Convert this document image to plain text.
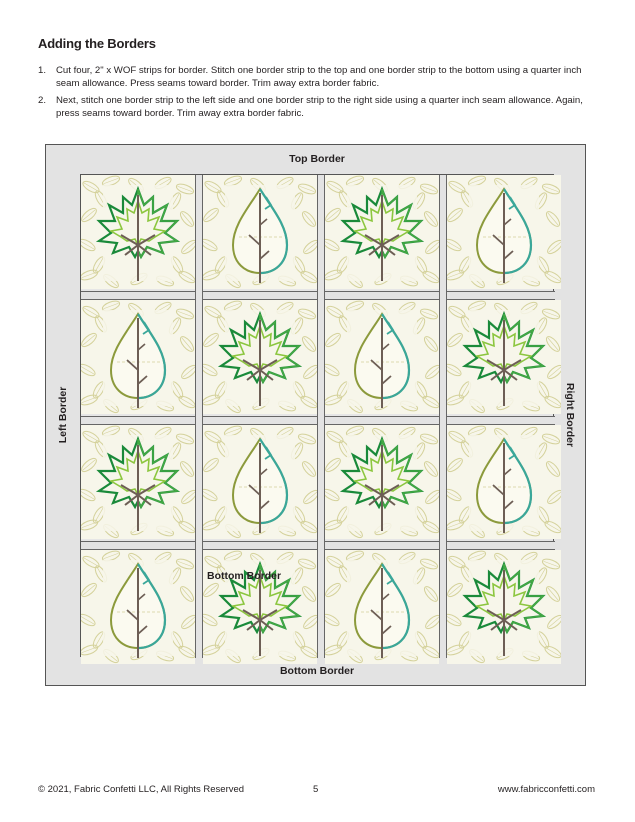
Adding the Borders
1. Cut four, 2" x WOF strips for border. Stitch one border strip to the top and one border strip to the bottom using a quarter inch seam allowance. Press seams toward border. Trim away extra border fabric.
2. Next, stitch one border strip to the left side and one border strip to the right side using a quarter inch seam allowance. Again, press seams toward border. Trim away extra border fabric.
Left Border	Right Border
Top Border
Bottom Border
Bottom Border
© 2021, Fabric Confetti LLC, All Rights Reserved	5	www.fabricconfetti.com
